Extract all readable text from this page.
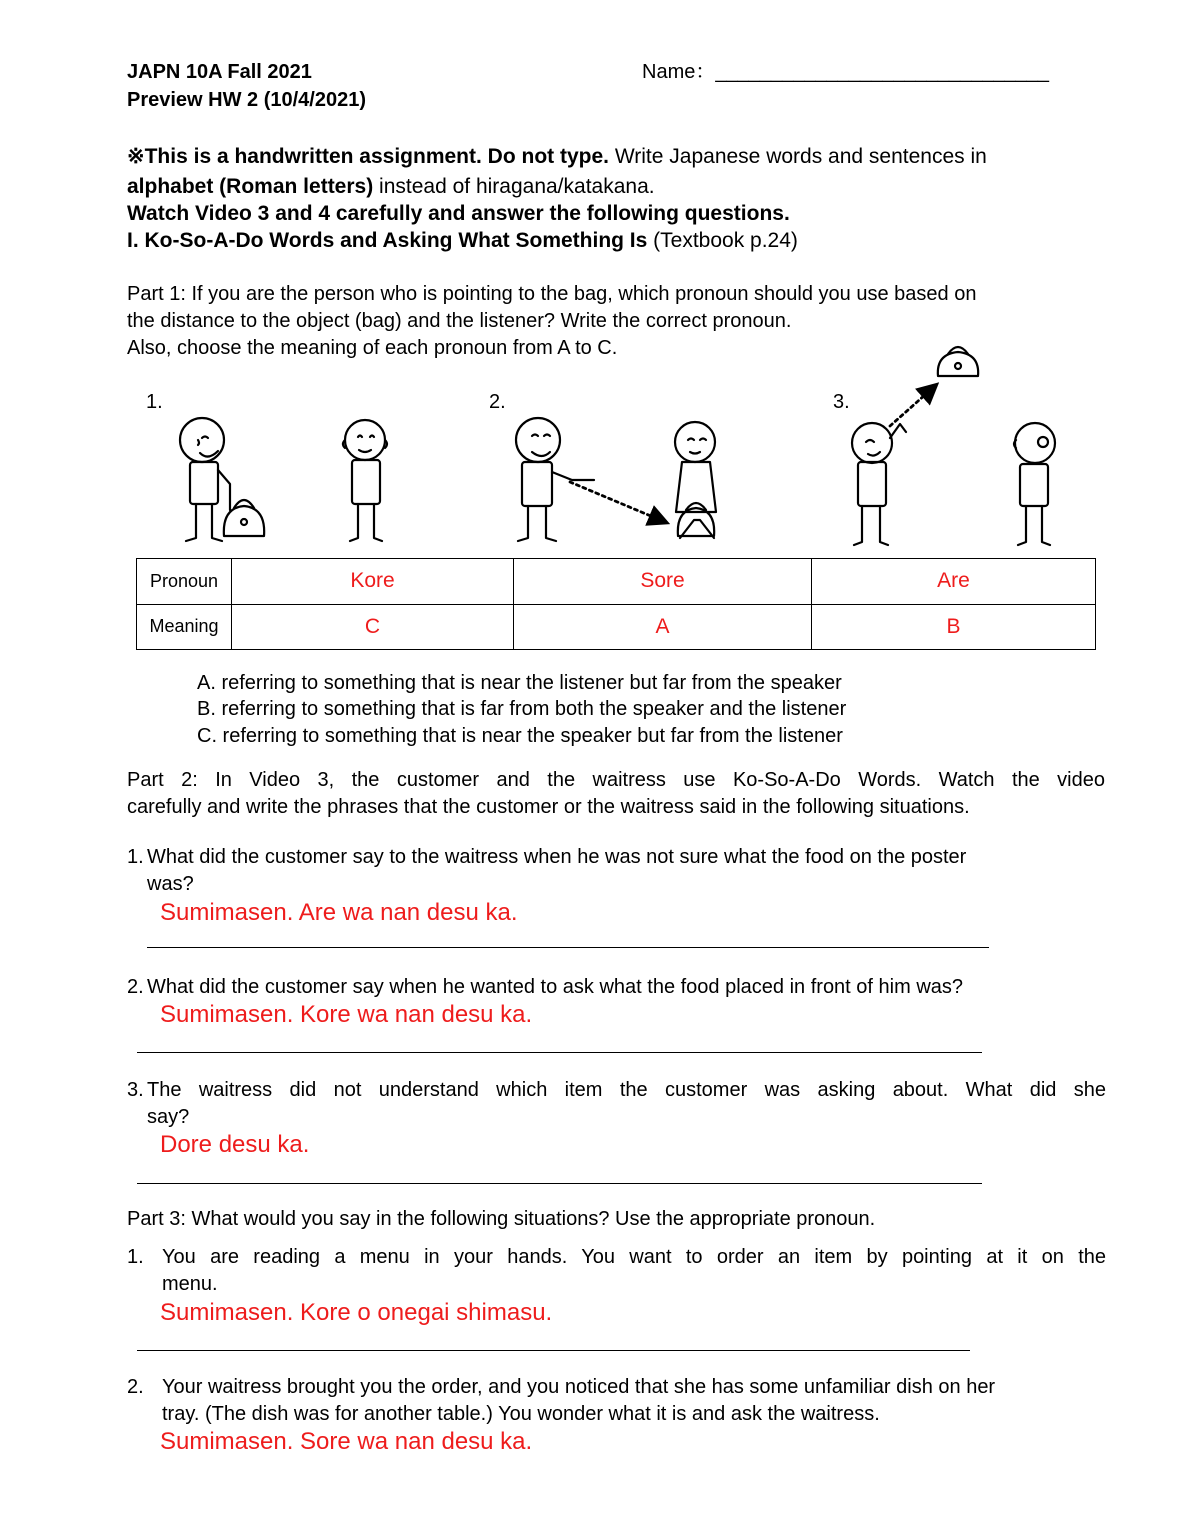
JAPN 10A Fall 2021
Preview HW 2 (10/4/2021)
Name：______________________________
※This is a handwritten assignment. Do not type. Write Japanese words and sentences in
alphabet (Roman letters) instead of hiragana/katakana.
Watch Video 3 and 4 carefully and answer the following questions.
I. Ko-So-A-Do Words and Asking What Something Is (Textbook p.24)
Part 1: If you are the person who is pointing to the bag, which pronoun should you use based on
the distance to the object (bag) and the listener? Write the correct pronoun.
Also, choose the meaning of each pronoun from A to C.
1.	2.	3.
Pronoun	Kore	Sore	Are
Meaning	C	A	B
A. referring to something that is near the listener but far from the speaker
B. referring to something that is far from both the speaker and the listener
C. referring to something that is near the speaker but far from the listener
Part 2: In Video 3, the customer and the waitress use Ko-So-A-Do Words. Watch the video
carefully and write the phrases that the customer or the waitress said in the following situations.
1. What did the customer say to the waitress when he was not sure what the food on the poster
was?
Sumimasen. Are wa nan desu ka.
2. What did the customer say when he wanted to ask what the food placed in front of him was?
Sumimasen. Kore wa nan desu ka.
3. The waitress did not understand which item the customer was asking about. What did she
say?
Dore desu ka.
Part 3: What would you say in the following situations? Use the appropriate pronoun.
1. You are reading a menu in your hands. You want to order an item by pointing at it on the
menu.
Sumimasen. Kore o onegai shimasu.
2. Your waitress brought you the order, and you noticed that she has some unfamiliar dish on her
tray. (The dish was for another table.) You wonder what it is and ask the waitress.
Sumimasen. Sore wa nan desu ka.
